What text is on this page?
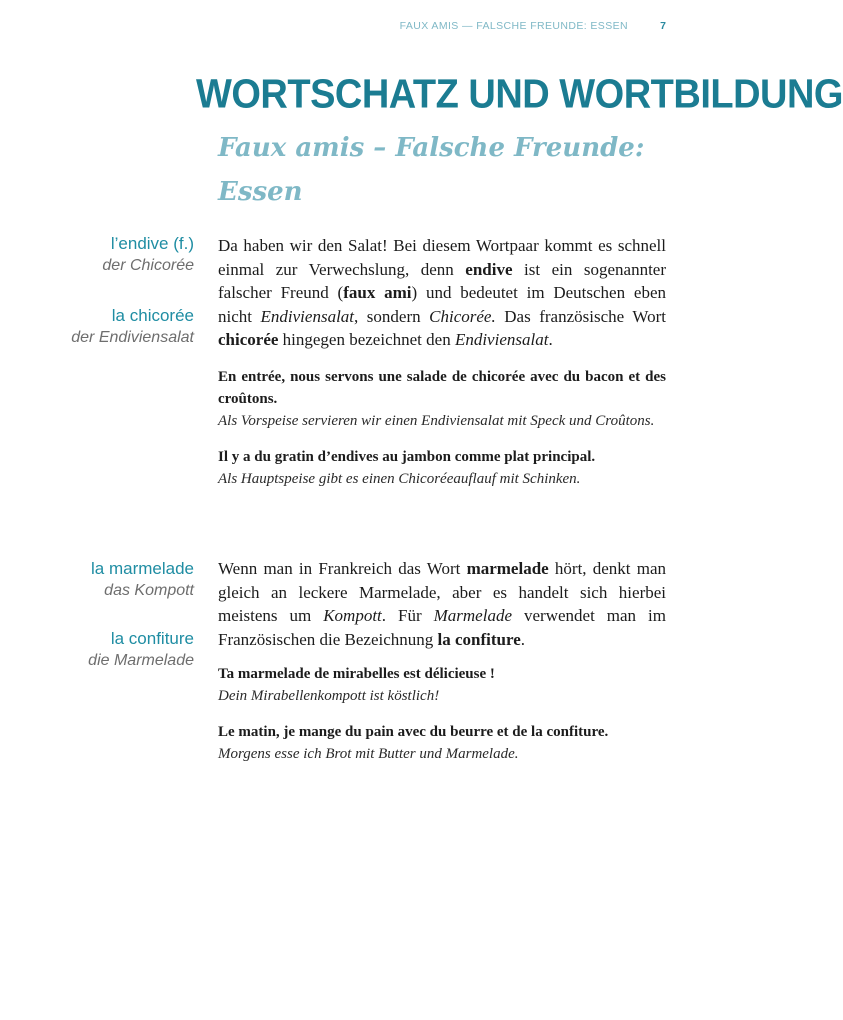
FAUX AMIS — FALSCHE FREUNDE: ESSEN	7
WORTSCHATZ UND WORTBILDUNG
Faux amis – Falsche Freunde:
Essen
l’endive (f.)
der Chicorée
la chicorée
der Endiviensalat

Da haben wir den Salat! Bei diesem Wortpaar kommt es schnell einmal zur Verwechslung, denn endive ist ein sogenannter falscher Freund (faux ami) und bedeutet im Deutschen eben nicht Endiviensalat, sondern Chicorée. Das französische Wort chicorée hingegen bezeichnet den Endiviensalat.

En entrée, nous servons une salade de chicorée avec du bacon et des croûtons.

Als Vorspeise servieren wir einen Endiviensalat mit Speck und Croûtons.

Il y a du gratin d’endives au jambon comme plat principal.

Als Hauptspeise gibt es einen Chicoréeauflauf mit Schinken.

la marmelade
das Kompott
la confiture
die Marmelade

Wenn man in Frankreich das Wort marmelade hört, denkt man gleich an leckere Marmelade, aber es handelt sich hierbei meistens um Kompott. Für Marmelade verwendet man im Französischen die Bezeichnung la confiture.

Ta marmelade de mirabelles est délicieuse !

Dein Mirabellenkompott ist köstlich!

Le matin, je mange du pain avec du beurre et de la confiture.

Morgens esse ich Brot mit Butter und Marmelade.
